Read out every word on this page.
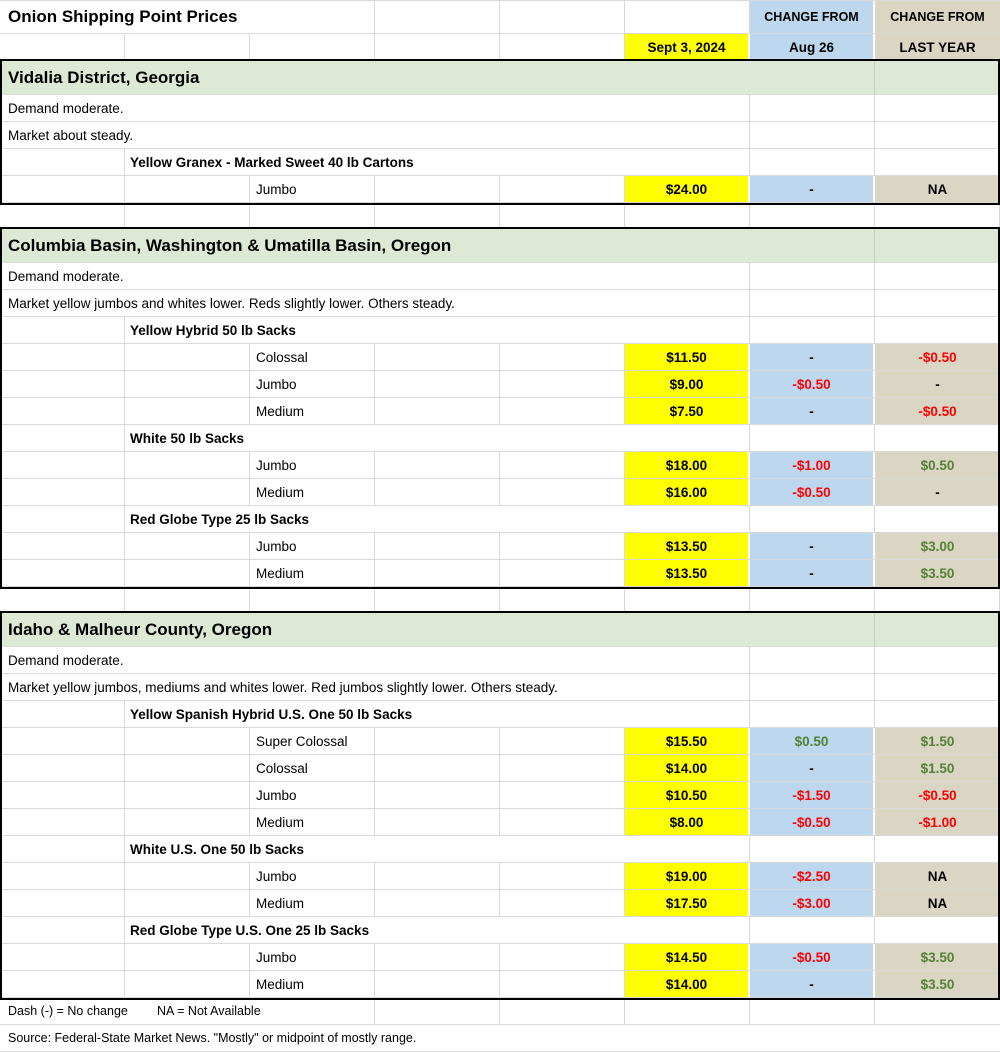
Onion Shipping Point Prices	CHANGE FROM	CHANGE FROM
Sept 3, 2024	Aug 26	LAST YEAR
Vidalia District, Georgia
Demand moderate.
Market about steady.
Yellow Granex - Marked Sweet 40 lb Cartons
Jumbo	$24.00	-	NA
Columbia Basin, Washington & Umatilla Basin, Oregon
Demand moderate.
Market yellow jumbos and whites lower. Reds slightly lower. Others steady.
Yellow Hybrid 50 lb Sacks
Colossal	$11.50	-	-$0.50
Jumbo	$9.00	-$0.50	-
Medium	$7.50	-	-$0.50
White 50 lb Sacks
Jumbo	$18.00	-$1.00	$0.50
Medium	$16.00	-$0.50	-
Red Globe Type 25 lb Sacks
Jumbo	$13.50	-	$3.00
Medium	$13.50	-	$3.50
Idaho & Malheur County, Oregon
Demand moderate.
Market yellow jumbos, mediums and whites lower. Red jumbos slightly lower. Others steady.
Yellow Spanish Hybrid U.S. One 50 lb Sacks
Super Colossal	$15.50	$0.50	$1.50
Colossal	$14.00	-	$1.50
Jumbo	$10.50	-$1.50	-$0.50
Medium	$8.00	-$0.50	-$1.00
White U.S. One 50 lb Sacks
Jumbo	$19.00	-$2.50	NA
Medium	$17.50	-$3.00	NA
Red Globe Type U.S. One 25 lb Sacks
Jumbo	$14.50	-$0.50	$3.50
Medium	$14.00	-	$3.50
Dash (-) = No change NA = Not Available
Source: Federal-State Market News. "Mostly" or midpoint of mostly range.
